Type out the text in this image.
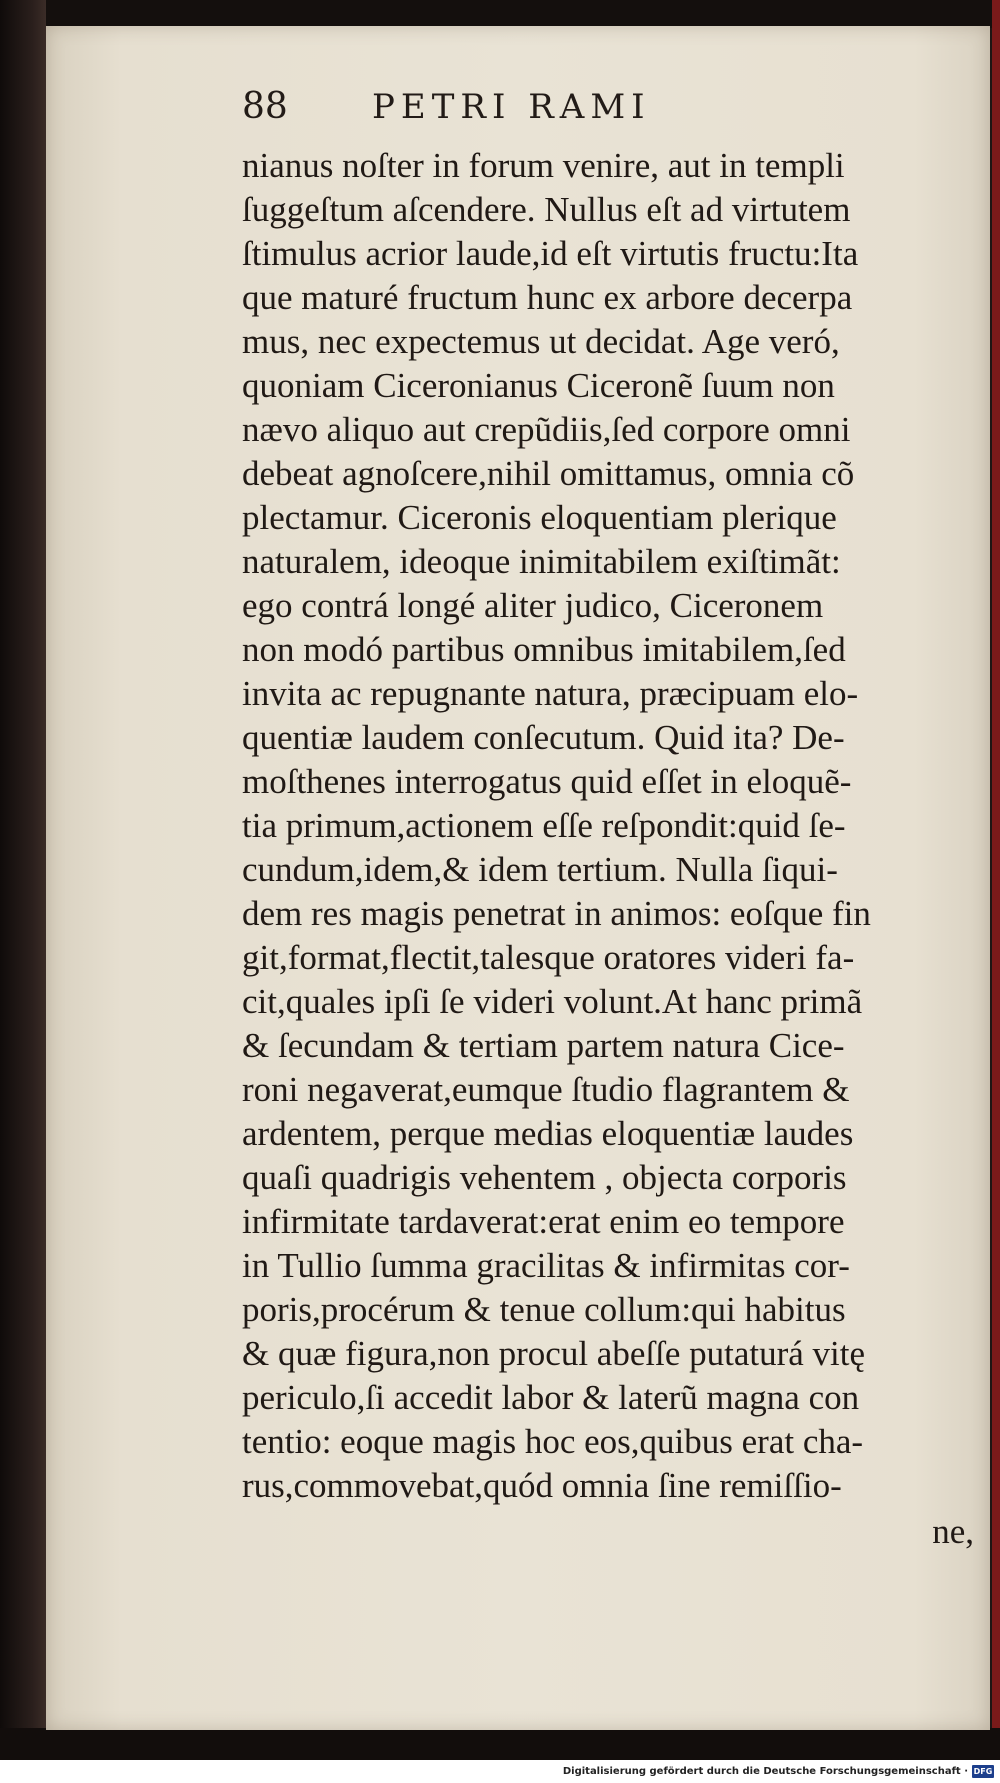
88	PETRI RAMI
nianus noſter in forum venire, aut in templi
ſuggeſtum aſcendere. Nullus eſt ad virtutem
ſtimulus acrior laude,id eſt virtutis fructu:Ita
que maturé fructum hunc ex arbore decerpa
mus, nec expectemus ut decidat. Age veró,
quoniam Ciceronianus Ciceronẽ ſuum non
nævo aliquo aut crepũdiis,ſed corpore omni
debeat agnoſcere,nihil omittamus, omnia cõ
plectamur. Ciceronis eloquentiam plerique
naturalem, ideoque inimitabilem exiſtimãt:
ego contrá longé aliter judico, Ciceronem
non modó partibus omnibus imitabilem,ſed
invita ac repugnante natura, præcipuam elo-
quentiæ laudem conſecutum. Quid ita? De-
moſthenes interrogatus quid eſſet in eloquẽ-
tia primum,actionem eſſe reſpondit:quid ſe-
cundum,idem,& idem tertium. Nulla ſiqui-
dem res magis penetrat in animos: eoſque fin
git,format,flectit,talesque oratores videri fa-
cit,quales ipſi ſe videri volunt.At hanc primã
& ſecundam & tertiam partem natura Cice-
roni negaverat,eumque ſtudio flagrantem &
ardentem, perque medias eloquentiæ laudes
quaſi quadrigis vehentem , objecta corporis
infirmitate tardaverat:erat enim eo tempore
in Tullio ſumma gracilitas & infirmitas cor-
poris,procérum & tenue collum:qui habitus
& quæ figura,non procul abeſſe putaturá vitę
periculo,ſi accedit labor & laterũ magna con
tentio: eoque magis hoc eos,quibus erat cha-
rus,commovebat,quód omnia ſine remiſſio-
ne,
Digitalisierung gefördert durch die Deutsche Forschungsgemeinschaft · DFG
